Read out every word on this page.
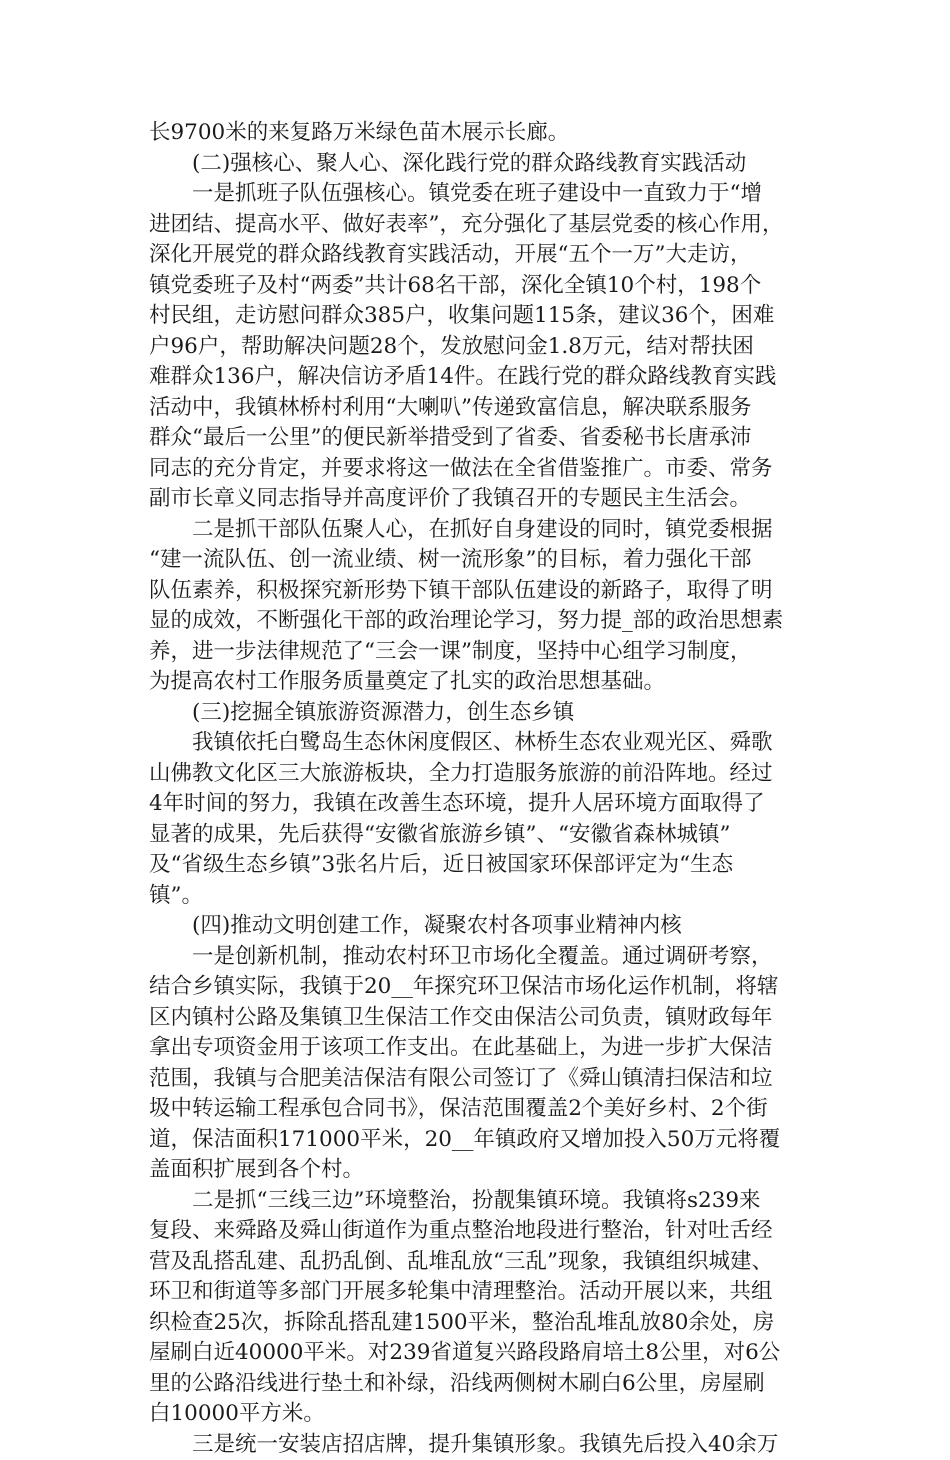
长9700米的来复路万米绿色苗木展示长廊。
(二)强核心、聚人心、深化践行党的群众路线教育实践活动
一是抓班子队伍强核心。镇党委在班子建设中一直致力于“增
进团结、提高水平、做好表率”，充分强化了基层党委的核心作用，
深化开展党的群众路线教育实践活动，开展“五个一万”大走访，
镇党委班子及村“两委”共计68名干部，深化全镇10个村，198个
村民组，走访慰问群众385户，收集问题115条，建议36个，困难
户96户，帮助解决问题28个，发放慰问金1.8万元，结对帮扶困
难群众136户，解决信访矛盾14件。在践行党的群众路线教育实践
活动中，我镇林桥村利用“大喇叭”传递致富信息，解决联系服务
群众“最后一公里”的便民新举措受到了省委、省委秘书长唐承沛
同志的充分肯定，并要求将这一做法在全省借鉴推广。市委、常务
副市长章义同志指导并高度评价了我镇召开的专题民主生活会。
二是抓干部队伍聚人心，在抓好自身建设的同时，镇党委根据
“建一流队伍、创一流业绩、树一流形象”的目标，着力强化干部
队伍素养，积极探究新形势下镇干部队伍建设的新路子，取得了明
显的成效，不断强化干部的政治理论学习，努力提_部的政治思想素
养，进一步法律规范了“三会一课”制度，坚持中心组学习制度，
为提高农村工作服务质量奠定了扎实的政治思想基础。
(三)挖掘全镇旅游资源潜力，创生态乡镇
我镇依托白鹭岛生态休闲度假区、林桥生态农业观光区、舜歌
山佛教文化区三大旅游板块，全力打造服务旅游的前沿阵地。经过
4年时间的努力，我镇在改善生态环境，提升人居环境方面取得了
显著的成果，先后获得“安徽省旅游乡镇”、“安徽省森林城镇”
及“省级生态乡镇”3张名片后，近日被国家环保部评定为“生态
镇”。
(四)推动文明创建工作，凝聚农村各项事业精神内核
一是创新机制，推动农村环卫市场化全覆盖。通过调研考察，
结合乡镇实际，我镇于20__年探究环卫保洁市场化运作机制，将辖
区内镇村公路及集镇卫生保洁工作交由保洁公司负责，镇财政每年
拿出专项资金用于该项工作支出。在此基础上，为进一步扩大保洁
范围，我镇与合肥美洁保洁有限公司签订了《舜山镇清扫保洁和垃
圾中转运输工程承包合同书》，保洁范围覆盖2个美好乡村、2个街
道，保洁面积171000平米，20__年镇政府又增加投入50万元将覆
盖面积扩展到各个村。
二是抓“三线三边”环境整治，扮靓集镇环境。我镇将s239来
复段、来舜路及舜山街道作为重点整治地段进行整治，针对吐舌经
营及乱搭乱建、乱扔乱倒、乱堆乱放“三乱”现象，我镇组织城建、
环卫和街道等多部门开展多轮集中清理整治。活动开展以来，共组
织检查25次，拆除乱搭乱建1500平米，整治乱堆乱放80余处，房
屋刷白近40000平米。对239省道复兴路段路肩培土8公里，对6公
里的公路沿线进行垫土和补绿，沿线两侧树木刷白6公里，房屋刷
白10000平方米。
三是统一安装店招店牌，提升集镇形象。我镇先后投入40余万
